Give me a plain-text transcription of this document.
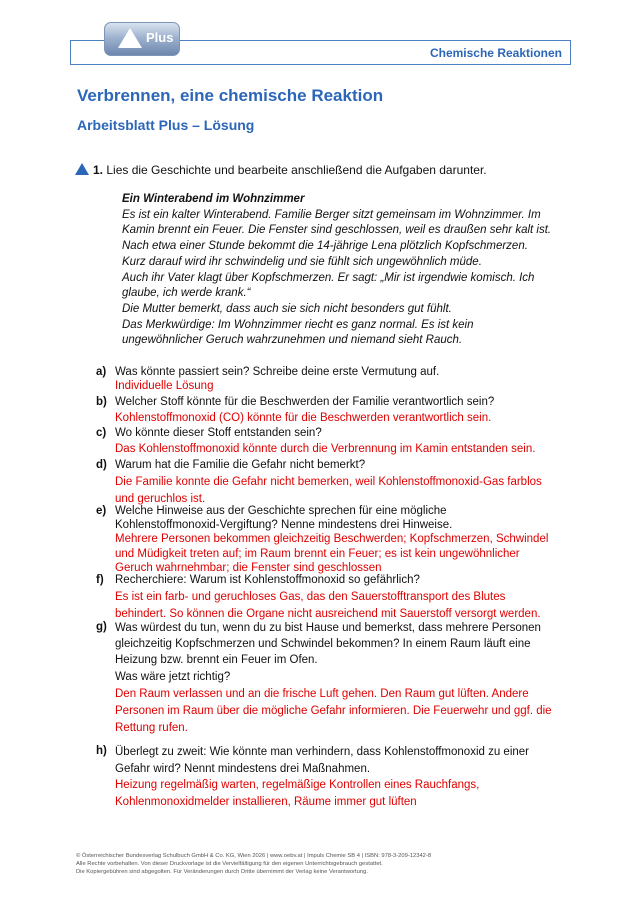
Chemische Reaktionen
Plus
Verbrennen, eine chemische Reaktion
Arbeitsblatt Plus – Lösung
1. Lies die Geschichte und bearbeite anschließend die Aufgaben darunter.
Ein Winterabend im Wohnzimmer
Es ist ein kalter Winterabend. Familie Berger sitzt gemeinsam im Wohnzimmer. Im
Kamin brennt ein Feuer. Die Fenster sind geschlossen, weil es draußen sehr kalt ist.
Nach etwa einer Stunde bekommt die 14-jährige Lena plötzlich Kopfschmerzen.
Kurz darauf wird ihr schwindelig und sie fühlt sich ungewöhnlich müde.
Auch ihr Vater klagt über Kopfschmerzen. Er sagt: „Mir ist irgendwie komisch. Ich
glaube, ich werde krank.“
Die Mutter bemerkt, dass auch sie sich nicht besonders gut fühlt.
Das Merkwürdige: Im Wohnzimmer riecht es ganz normal. Es ist kein
ungewöhnlicher Geruch wahrzunehmen und niemand sieht Rauch.
a) Was könnte passiert sein? Schreibe deine erste Vermutung auf.
Individuelle Lösung
b) Welcher Stoff könnte für die Beschwerden der Familie verantwortlich sein?
Kohlenstoffmonoxid (CO) könnte für die Beschwerden verantwortlich sein.
c) Wo könnte dieser Stoff entstanden sein?
Das Kohlenstoffmonoxid könnte durch die Verbrennung im Kamin entstanden sein.
d) Warum hat die Familie die Gefahr nicht bemerkt?
Die Familie konnte die Gefahr nicht bemerken, weil Kohlenstoffmonoxid-Gas farblos
und geruchlos ist.
e) Welche Hinweise aus der Geschichte sprechen für eine mögliche
Kohlenstoffmonoxid-Vergiftung? Nenne mindestens drei Hinweise.
Mehrere Personen bekommen gleichzeitig Beschwerden; Kopfschmerzen, Schwindel
und Müdigkeit treten auf; im Raum brennt ein Feuer; es ist kein ungewöhnlicher
Geruch wahrnehmbar; die Fenster sind geschlossen
f) Recherchiere: Warum ist Kohlenstoffmonoxid so gefährlich?
Es ist ein farb- und geruchloses Gas, das den Sauerstofftransport des Blutes
behindert. So können die Organe nicht ausreichend mit Sauerstoff versorgt werden.
g) Was würdest du tun, wenn du zu bist Hause und bemerkst, dass mehrere Personen
gleichzeitig Kopfschmerzen und Schwindel bekommen? In einem Raum läuft eine
Heizung bzw. brennt ein Feuer im Ofen.
Was wäre jetzt richtig?
Den Raum verlassen und an die frische Luft gehen. Den Raum gut lüften. Andere
Personen im Raum über die mögliche Gefahr informieren. Die Feuerwehr und ggf. die
Rettung rufen.
h) Überlegt zu zweit: Wie könnte man verhindern, dass Kohlenstoffmonoxid zu einer
Gefahr wird? Nennt mindestens drei Maßnahmen.
Heizung regelmäßig warten, regelmäßige Kontrollen eines Rauchfangs,
Kohlenmonoxidmelder installieren, Räume immer gut lüften
© Österreichischer Bundesverlag Schulbuch GmbH & Co. KG, Wien 2026 | www.oebv.at | Impuls Chemie SB 4 | ISBN: 978-3-209-12342-8
Alle Rechte vorbehalten. Von dieser Druckvorlage ist die Vervielfältigung für den eigenen Unterrichtsgebrauch gestattet.
Die Kopiergebühren sind abgegolten. Für Veränderungen durch Dritte übernimmt der Verlag keine Verantwortung.
